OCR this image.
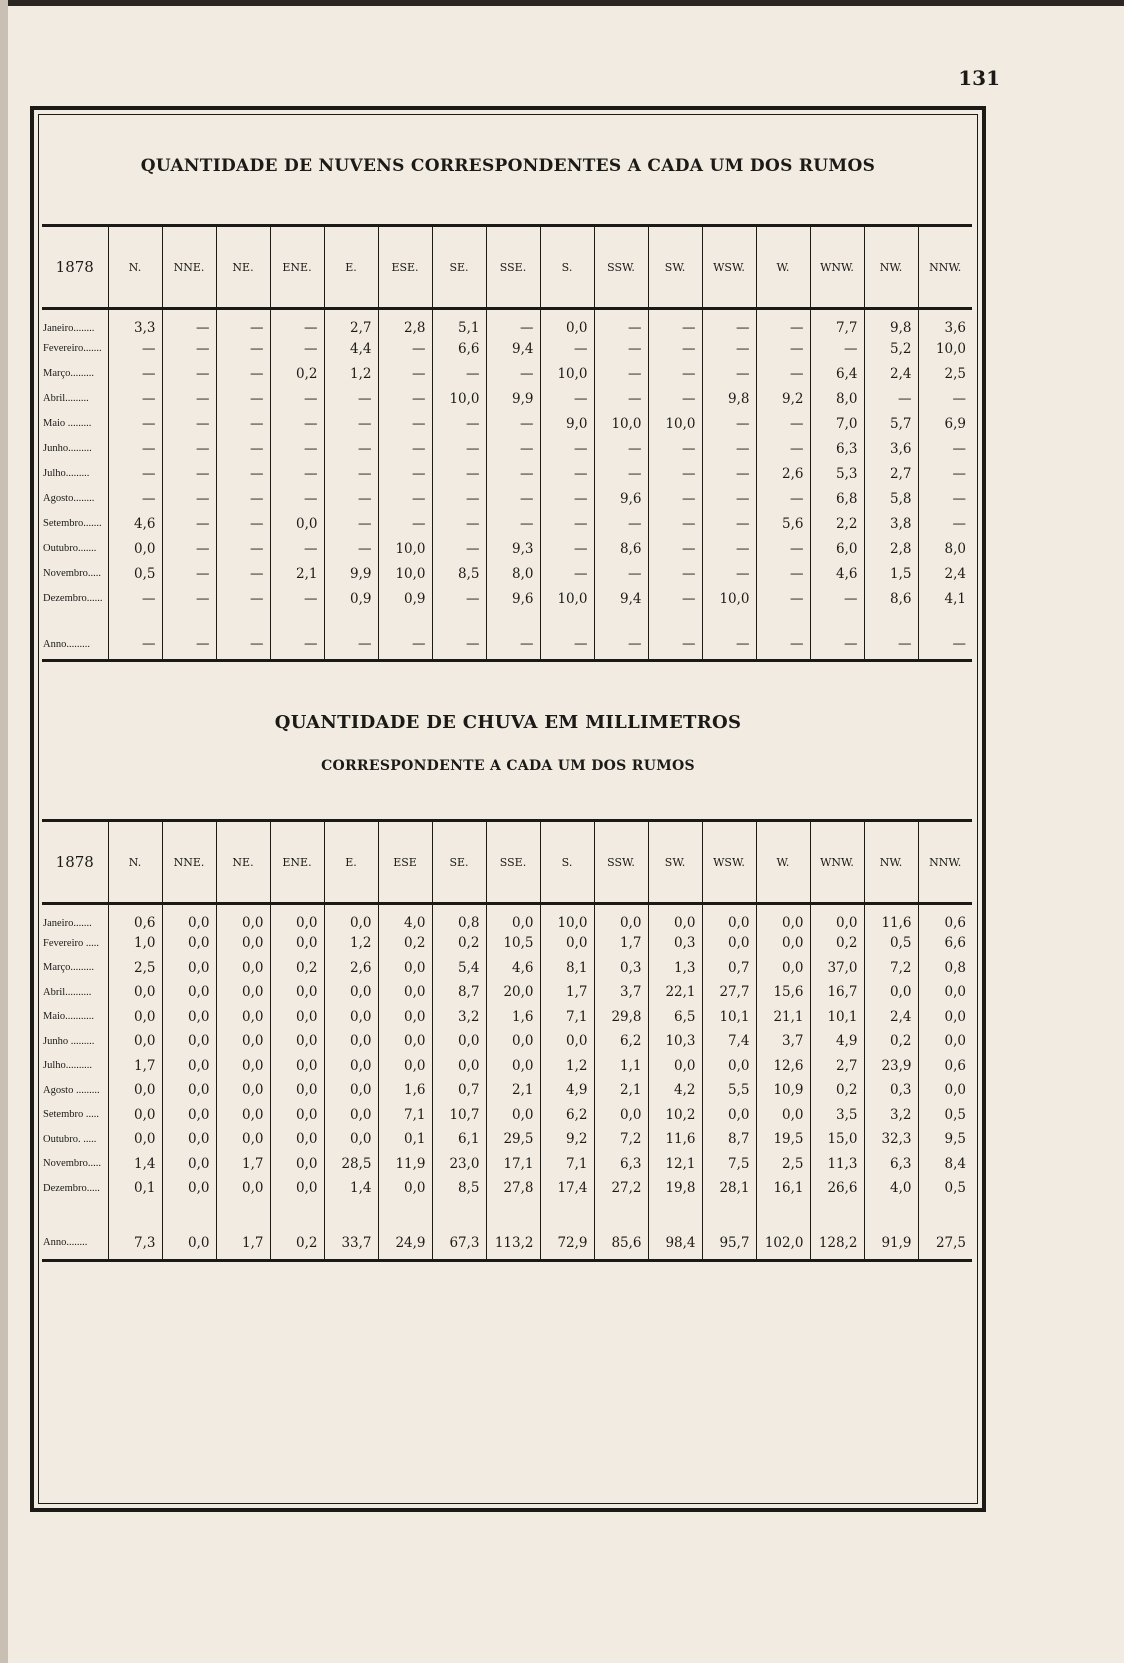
131
QUANTIDADE DE NUVENS CORRESPONDENTES A CADA UM DOS RUMOS
1878	N.	NNE.	NE.	ENE.	E.	ESE.	SE.	SSE.	S.	SSW.	SW.	WSW.	W.	WNW.	NW.	NNW.
Janeiro........	3,3	—	—	—	2,7	2,8	5,1	—	0,0	—	—	—	—	7,7	9,8	3,6
Fevereiro.......	—	—	—	—	4,4	—	6,6	9,4	—	—	—	—	—	—	5,2	10,0
Março.........	—	—	—	0,2	1,2	—	—	—	10,0	—	—	—	—	6,4	2,4	2,5
Abril.........	—	—	—	—	—	—	10,0	9,9	—	—	—	9,8	9,2	8,0	—	—
Maio .........	—	—	—	—	—	—	—	—	9,0	10,0	10,0	—	—	7,0	5,7	6,9
Junho.........	—	—	—	—	—	—	—	—	—	—	—	—	—	6,3	3,6	—
Julho.........	—	—	—	—	—	—	—	—	—	—	—	—	2,6	5,3	2,7	—
Agosto........	—	—	—	—	—	—	—	—	—	9,6	—	—	—	6,8	5,8	—
Setembro.......	4,6	—	—	0,0	—	—	—	—	—	—	—	—	5,6	2,2	3,8	—
Outubro.......	0,0	—	—	—	—	10,0	—	9,3	—	8,6	—	—	—	6,0	2,8	8,0
Novembro.....	0,5	—	—	2,1	9,9	10,0	8,5	8,0	—	—	—	—	—	4,6	1,5	2,4
Dezembro......	—	—	—	—	0,9	0,9	—	9,6	10,0	9,4	—	10,0	—	—	8,6	4,1

Anno.........	—	—	—	—	—	—	—	—	—	—	—	—	—	—	—	—
QUANTIDADE DE CHUVA EM MILLIMETROS
CORRESPONDENTE A CADA UM DOS RUMOS
1878	N.	NNE.	NE.	ENE.	E.	ESE	SE.	SSE.	S.	SSW.	SW.	WSW.	W.	WNW.	NW.	NNW.
Janeiro.......	0,6	0,0	0,0	0,0	0,0	4,0	0,8	0,0	10,0	0,0	0,0	0,0	0,0	0,0	11,6	0,6
Fevereiro .....	1,0	0,0	0,0	0,0	1,2	0,2	0,2	10,5	0,0	1,7	0,3	0,0	0,0	0,2	0,5	6,6
Março.........	2,5	0,0	0,0	0,2	2,6	0,0	5,4	4,6	8,1	0,3	1,3	0,7	0,0	37,0	7,2	0,8
Abril..........	0,0	0,0	0,0	0,0	0,0	0,0	8,7	20,0	1,7	3,7	22,1	27,7	15,6	16,7	0,0	0,0
Maio...........	0,0	0,0	0,0	0,0	0,0	0,0	3,2	1,6	7,1	29,8	6,5	10,1	21,1	10,1	2,4	0,0
Junho .........	0,0	0,0	0,0	0,0	0,0	0,0	0,0	0,0	0,0	6,2	10,3	7,4	3,7	4,9	0,2	0,0
Julho..........	1,7	0,0	0,0	0,0	0,0	0,0	0,0	0,0	1,2	1,1	0,0	0,0	12,6	2,7	23,9	0,6
Agosto .........	0,0	0,0	0,0	0,0	0,0	1,6	0,7	2,1	4,9	2,1	4,2	5,5	10,9	0,2	0,3	0,0
Setembro .....	0,0	0,0	0,0	0,0	0,0	7,1	10,7	0,0	6,2	0,0	10,2	0,0	0,0	3,5	3,2	0,5
Outubro. .....	0,0	0,0	0,0	0,0	0,0	0,1	6,1	29,5	9,2	7,2	11,6	8,7	19,5	15,0	32,3	9,5
Novembro.....	1,4	0,0	1,7	0,0	28,5	11,9	23,0	17,1	7,1	6,3	12,1	7,5	2,5	11,3	6,3	8,4
Dezembro.....	0,1	0,0	0,0	0,0	1,4	0,0	8,5	27,8	17,4	27,2	19,8	28,1	16,1	26,6	4,0	0,5

Anno........	7,3	0,0	1,7	0,2	33,7	24,9	67,3	113,2	72,9	85,6	98,4	95,7	102,0	128,2	91,9	27,5
